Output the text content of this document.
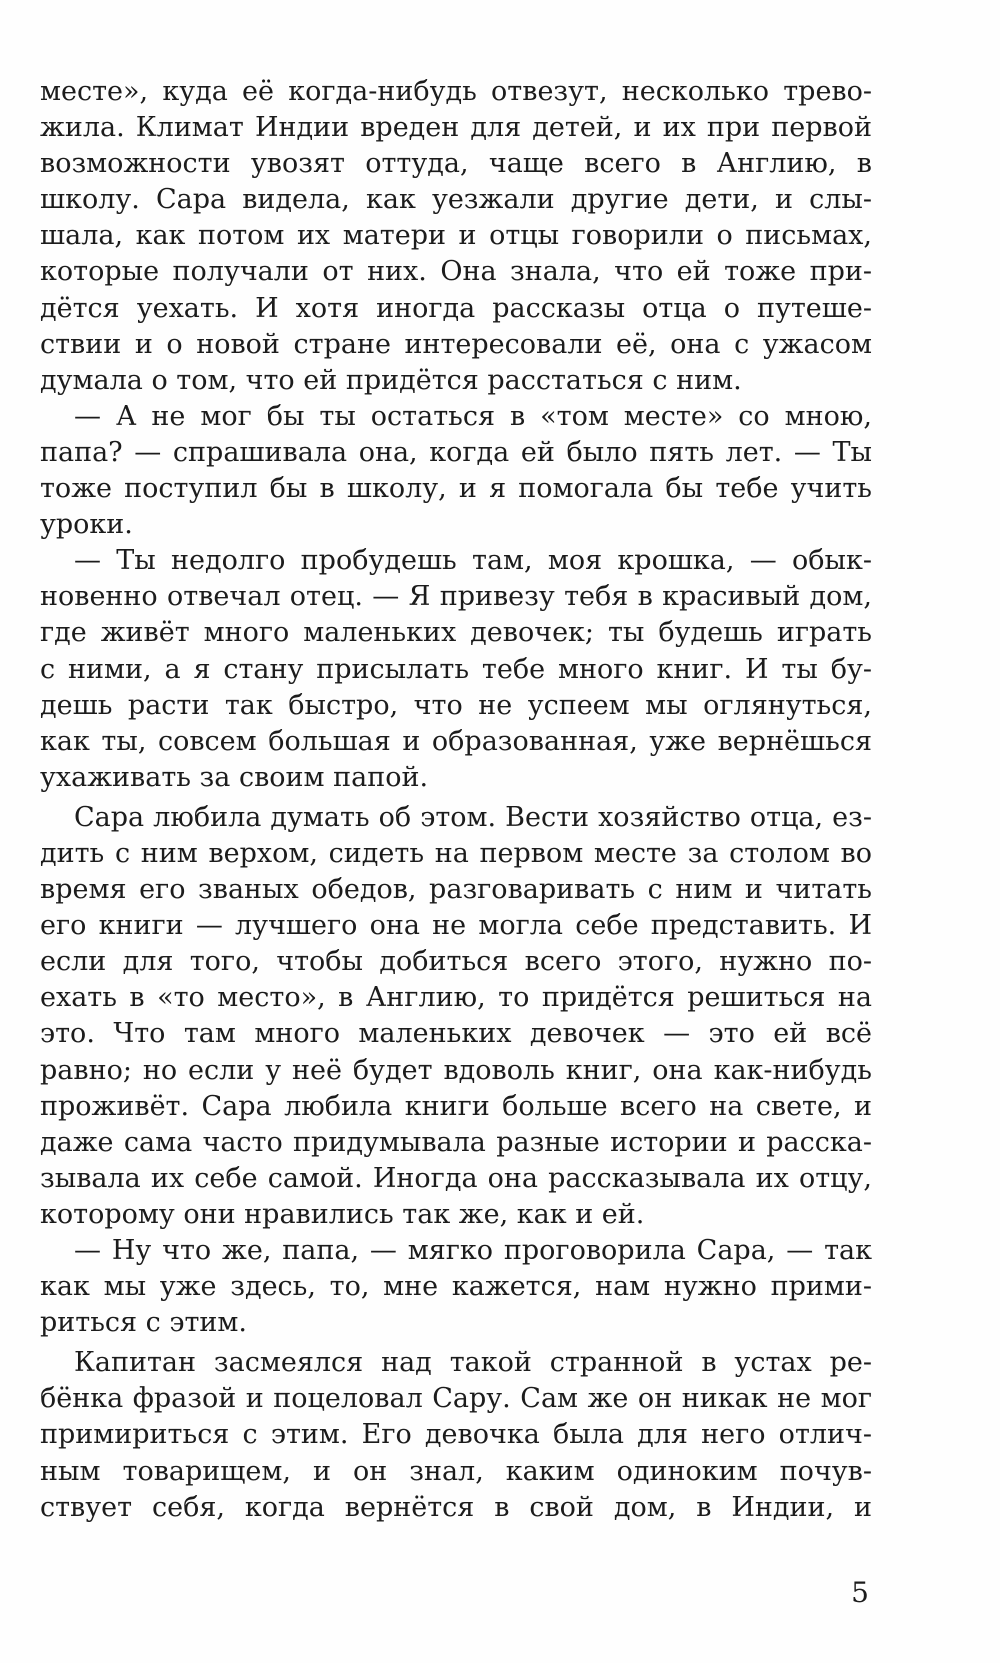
месте», куда её когда-нибудь отвезут, несколько трево-
жила. Климат Индии вреден для детей, и их при первой
возможности увозят оттуда, чаще всего в Англию, в
школу. Сара видела, как уезжали другие дети, и слы-
шала, как потом их матери и отцы говорили о письмах,
которые получали от них. Она знала, что ей тоже при-
дётся уехать. И хотя иногда рассказы отца о путеше-
ствии и о новой стране интересовали её, она с ужасом
думала о том, что ей придётся расстаться с ним.

— А не мог бы ты остаться в «том месте» со мною,
папа? — спрашивала она, когда ей было пять лет. — Ты
тоже поступил бы в школу, и я помогала бы тебе учить
уроки.

— Ты недолго пробудешь там, моя крошка, — обык-
новенно отвечал отец. — Я привезу тебя в красивый дом,
где живёт много маленьких девочек; ты будешь играть
с ними, а я стану присылать тебе много книг. И ты бу-
дешь расти так быстро, что не успеем мы оглянуться,
как ты, совсем большая и образованная, уже вернёшься
ухаживать за своим папой.

Сара любила думать об этом. Вести хозяйство отца, ез-
дить с ним верхом, сидеть на первом месте за столом во
время его званых обедов, разговаривать с ним и читать
его книги — лучшего она не могла себе представить. И
если для того, чтобы добиться всего этого, нужно по-
ехать в «то место», в Англию, то придётся решиться на
это. Что там много маленьких девочек — это ей всё
равно; но если у неё будет вдоволь книг, она как-нибудь
проживёт. Сара любила книги больше всего на свете, и
даже сама часто придумывала разные истории и расска-
зывала их себе самой. Иногда она рассказывала их отцу,
которому они нравились так же, как и ей.

— Ну что же, папа, — мягко проговорила Сара, — так
как мы уже здесь, то, мне кажется, нам нужно прими-
риться с этим.

Капитан засмеялся над такой странной в устах ре-
бёнка фразой и поцеловал Сару. Сам же он никак не мог
примириться с этим. Его девочка была для него отлич-
ным товарищем, и он знал, каким одиноким почув-
ствует себя, когда вернётся в свой дом, в Индии, и

5
